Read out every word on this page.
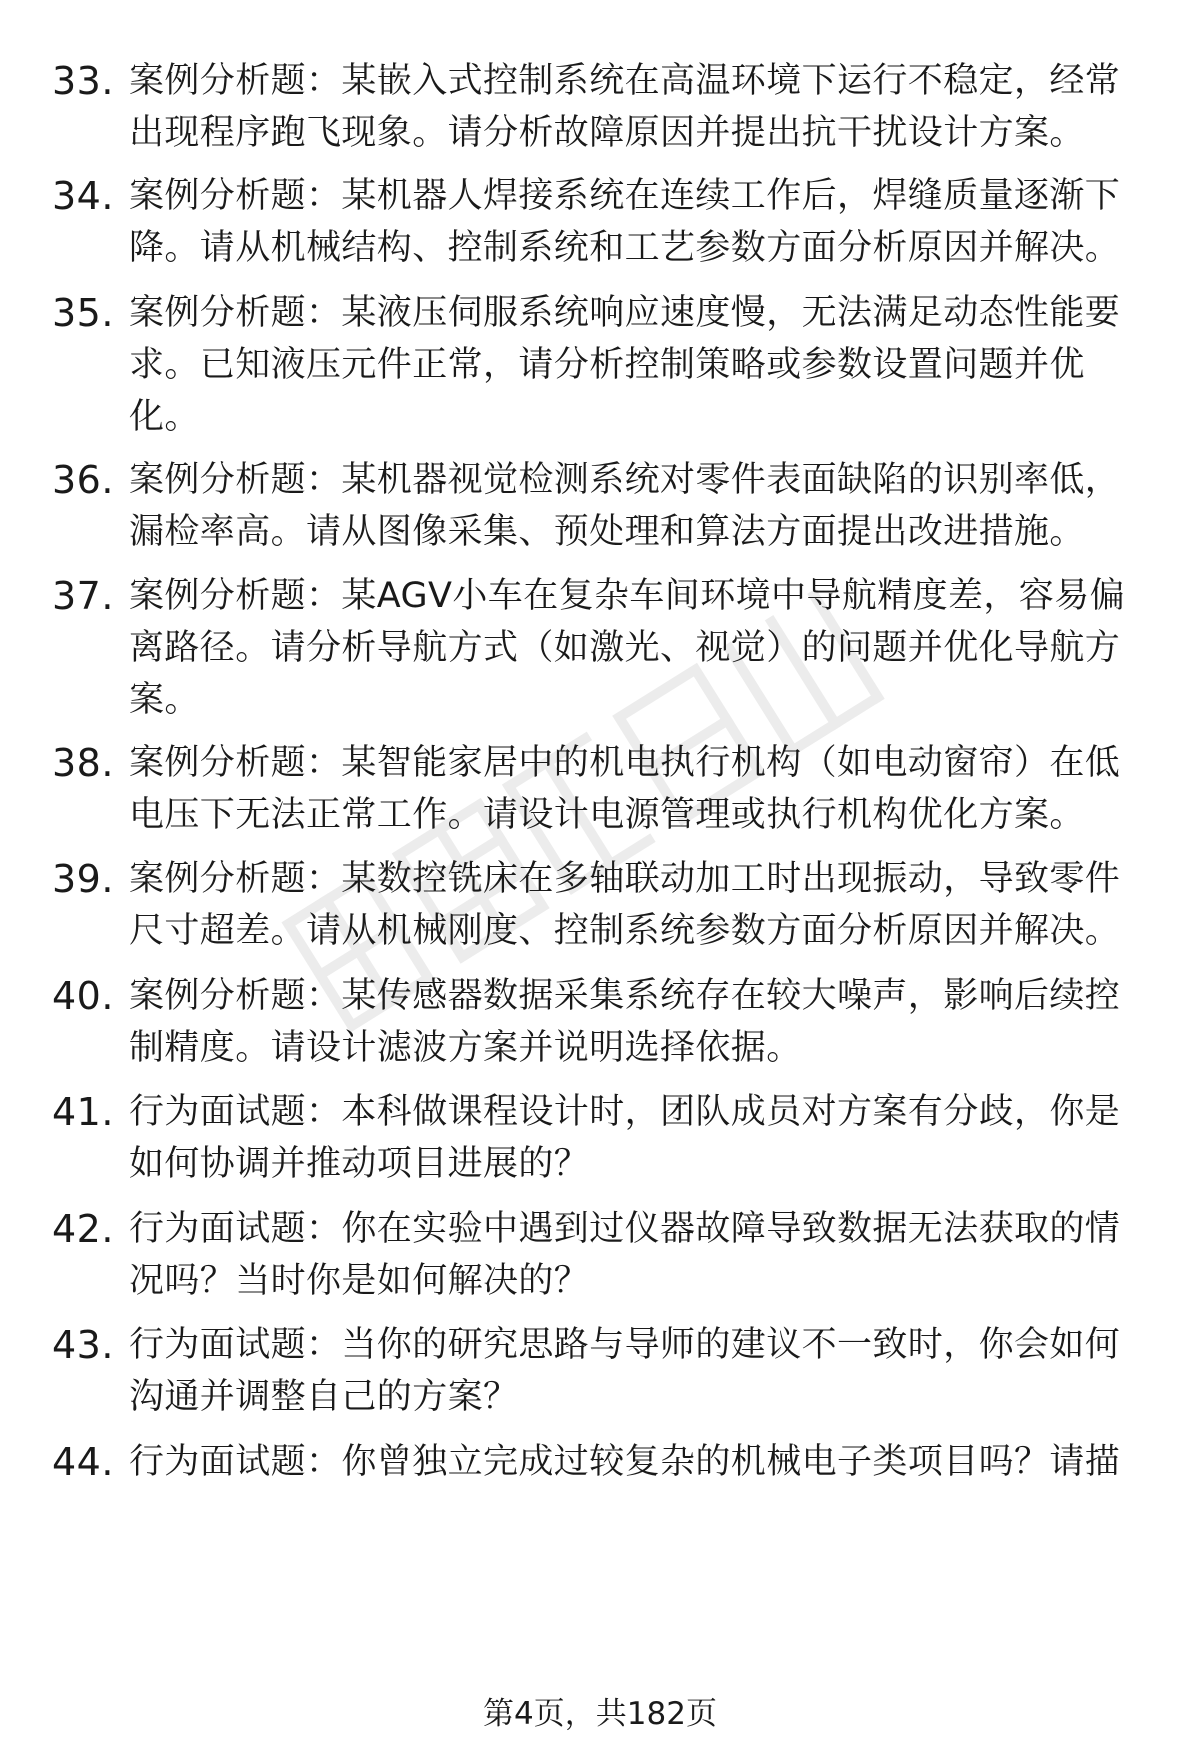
33. 案例分析题：某嵌入式控制系统在高温环境下运行不稳定，经常
出现程序跑飞现象。请分析故障原因并提出抗干扰设计方案。
34. 案例分析题：某机器人焊接系统在连续工作后，焊缝质量逐渐下
降。请从机械结构、控制系统和工艺参数方面分析原因并解决。
35. 案例分析题：某液压伺服系统响应速度慢，无法满足动态性能要
求。已知液压元件正常，请分析控制策略或参数设置问题并优
化。
36. 案例分析题：某机器视觉检测系统对零件表面缺陷的识别率低，
漏检率高。请从图像采集、预处理和算法方面提出改进措施。
37. 案例分析题：某AGV小车在复杂车间环境中导航精度差，容易偏
离路径。请分析导航方式（如激光、视觉）的问题并优化导航方
案。
38. 案例分析题：某智能家居中的机电执行机构（如电动窗帘）在低
电压下无法正常工作。请设计电源管理或执行机构优化方案。
39. 案例分析题：某数控铣床在多轴联动加工时出现振动，导致零件
尺寸超差。请从机械刚度、控制系统参数方面分析原因并解决。
40. 案例分析题：某传感器数据采集系统存在较大噪声，影响后续控
制精度。请设计滤波方案并说明选择依据。
41. 行为面试题：本科做课程设计时，团队成员对方案有分歧，你是
如何协调并推动项目进展的？
42. 行为面试题：你在实验中遇到过仪器故障导致数据无法获取的情
况吗？当时你是如何解决的？
43. 行为面试题：当你的研究思路与导师的建议不一致时，你会如何
沟通并调整自己的方案？
44. 行为面试题：你曾独立完成过较复杂的机械电子类项目吗？请描
第4页，共182页
